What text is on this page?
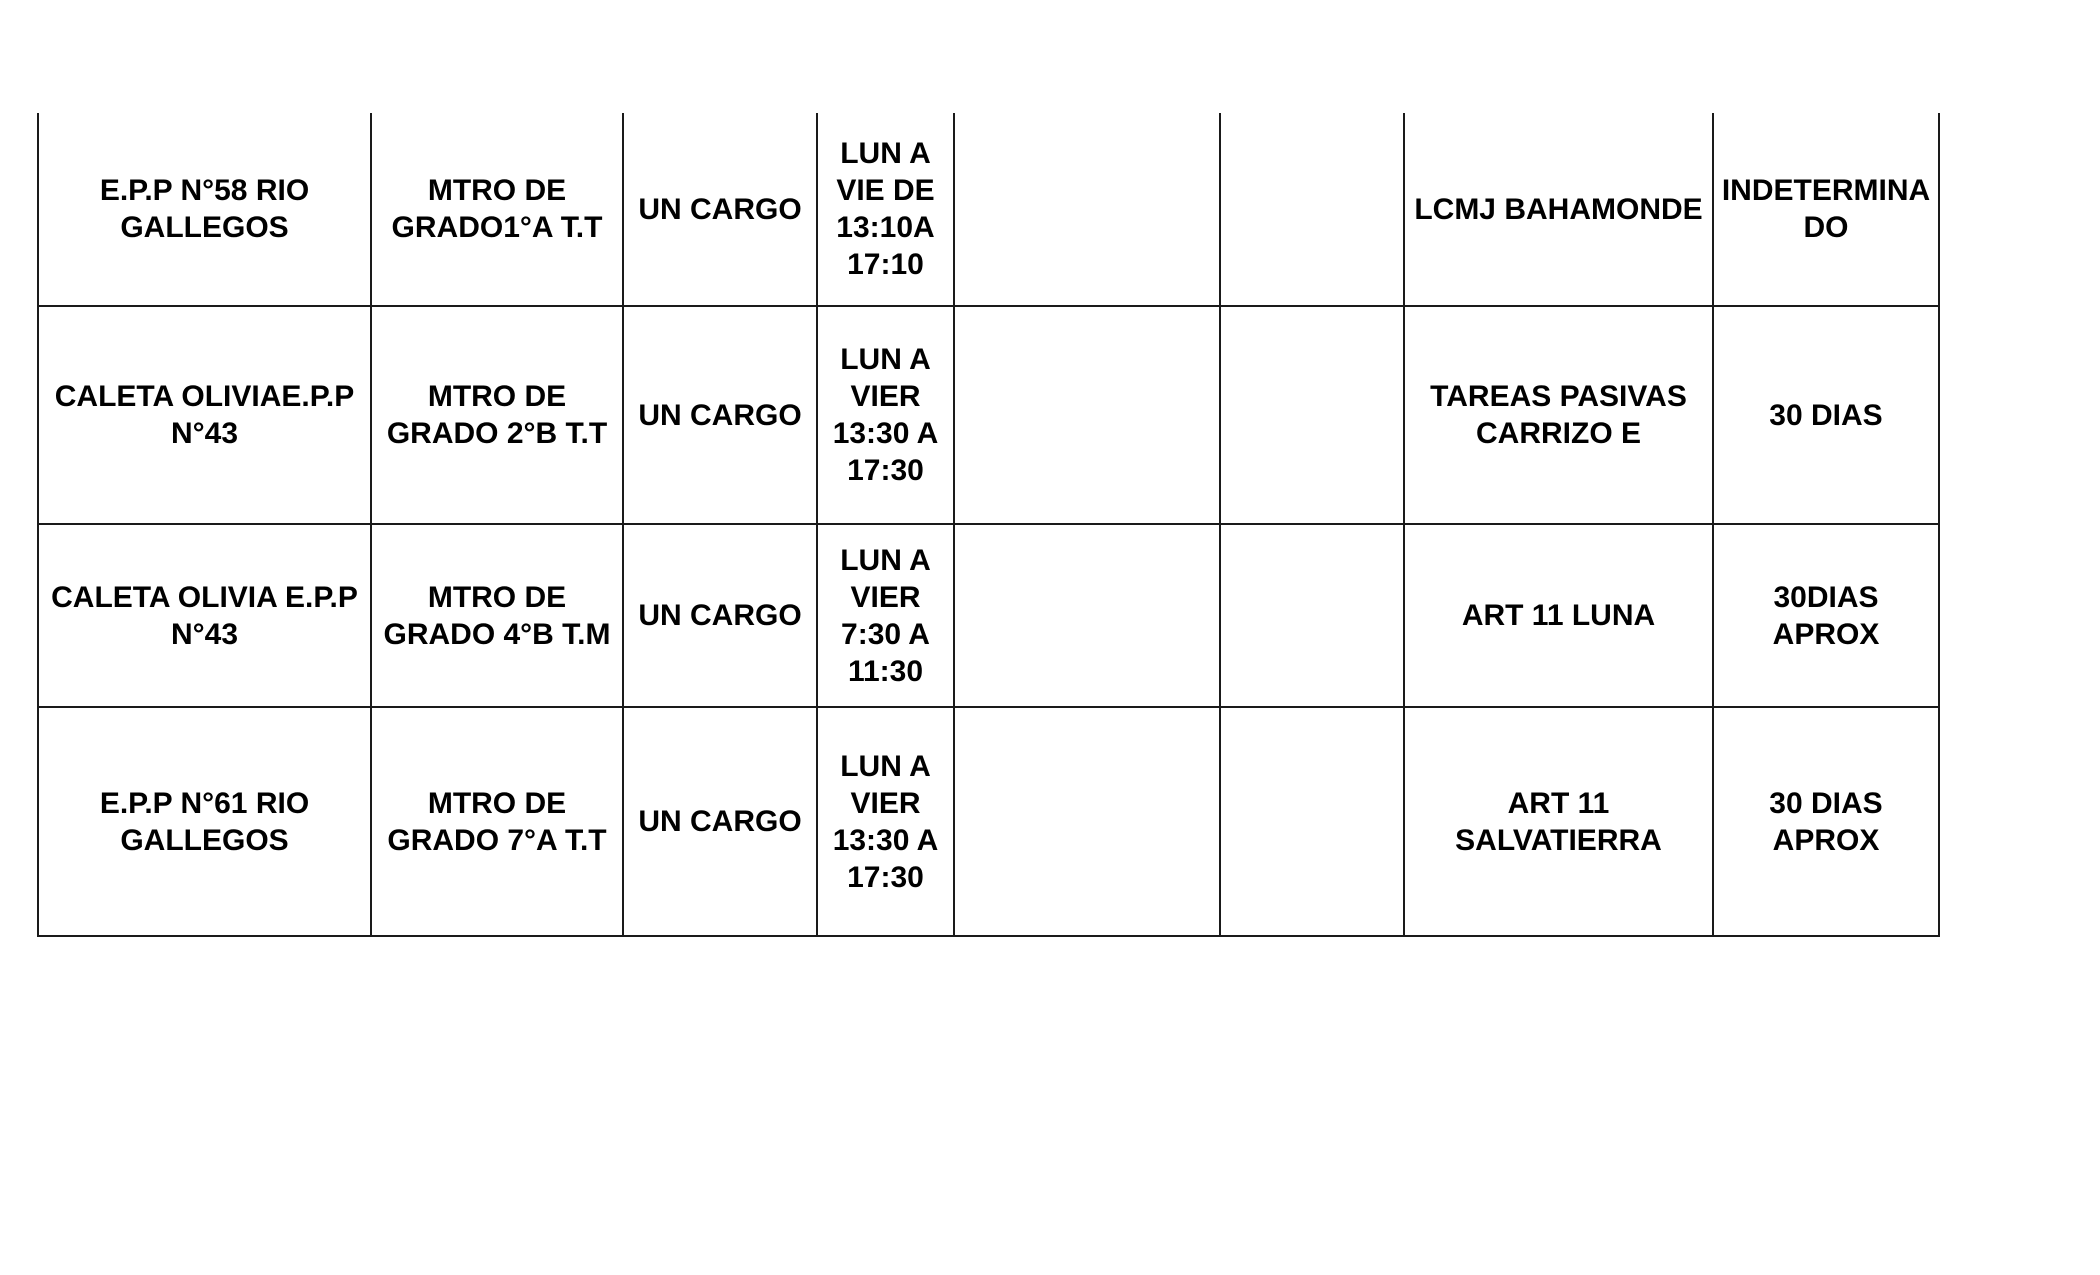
E.P.P N°58 RIO
GALLEGOS	MTRO DE
GRADO1°A T.T	UN CARGO	LUN A
VIE DE
13:10A
17:10			LCMJ BAHAMONDE	INDETERMINA
DO
CALETA OLIVIAE.P.P
N°43	MTRO DE
GRADO 2°B T.T	UN CARGO	LUN A
VIER
13:30 A
17:30			TAREAS PASIVAS
CARRIZO E	30 DIAS
CALETA OLIVIA E.P.P
N°43	MTRO DE
GRADO 4°B T.M	UN CARGO	LUN A
VIER
7:30 A
11:30			ART 11 LUNA	30DIAS APROX
E.P.P N°61 RIO
GALLEGOS	MTRO DE
GRADO 7°A T.T	UN CARGO	LUN A
VIER
13:30 A
17:30			ART 11
SALVATIERRA	30 DIAS
APROX
